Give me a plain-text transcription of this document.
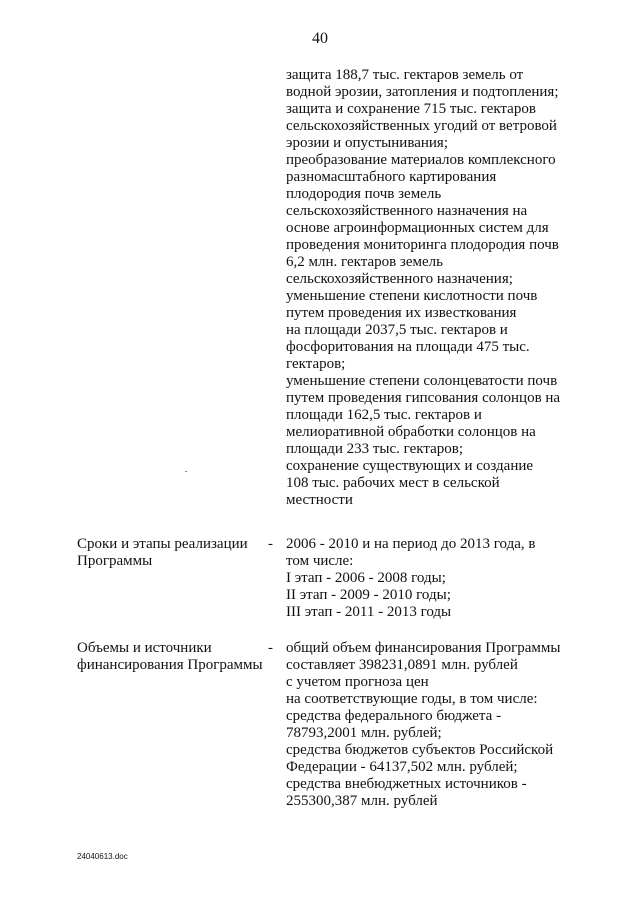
40
защита 188,7 тыс. гектаров земель от
водной эрозии, затопления и подтопления;
защита и сохранение 715 тыс. гектаров
сельскохозяйственных угодий от ветровой
эрозии и опустынивания;
преобразование материалов комплексного
разномасштабного картирования
плодородия почв земель
сельскохозяйственного назначения на
основе агроинформационных систем для
проведения мониторинга плодородия почв
6,2 млн. гектаров земель
сельскохозяйственного назначения;
уменьшение степени кислотности почв
путем проведения их известкования
на площади 2037,5 тыс. гектаров и
фосфоритования на площади 475 тыс.
гектаров;
уменьшение степени солонцеватости почв
путем проведения гипсования солонцов на
площади 162,5 тыс. гектаров и
мелиоративной обработки солонцов на
площади 233 тыс. гектаров;
сохранение существующих и создание
108 тыс. рабочих мест в сельской
местности
Сроки и этапы реализации
Программы
- 2006 - 2010 и на период до 2013 года, в
том числе:
I этап - 2006 - 2008 годы;
II этап - 2009 - 2010 годы;
III этап - 2011 - 2013 годы
Объемы и источники
финансирования Программы
- общий объем финансирования Программы
составляет 398231,0891 млн. рублей
с учетом прогноза цен
на соответствующие годы, в том числе:
средства федерального бюджета -
78793,2001 млн. рублей;
средства бюджетов субъектов Российской
Федерации - 64137,502 млн. рублей;
средства внебюджетных источников -
255300,387 млн. рублей
24040613.doc
